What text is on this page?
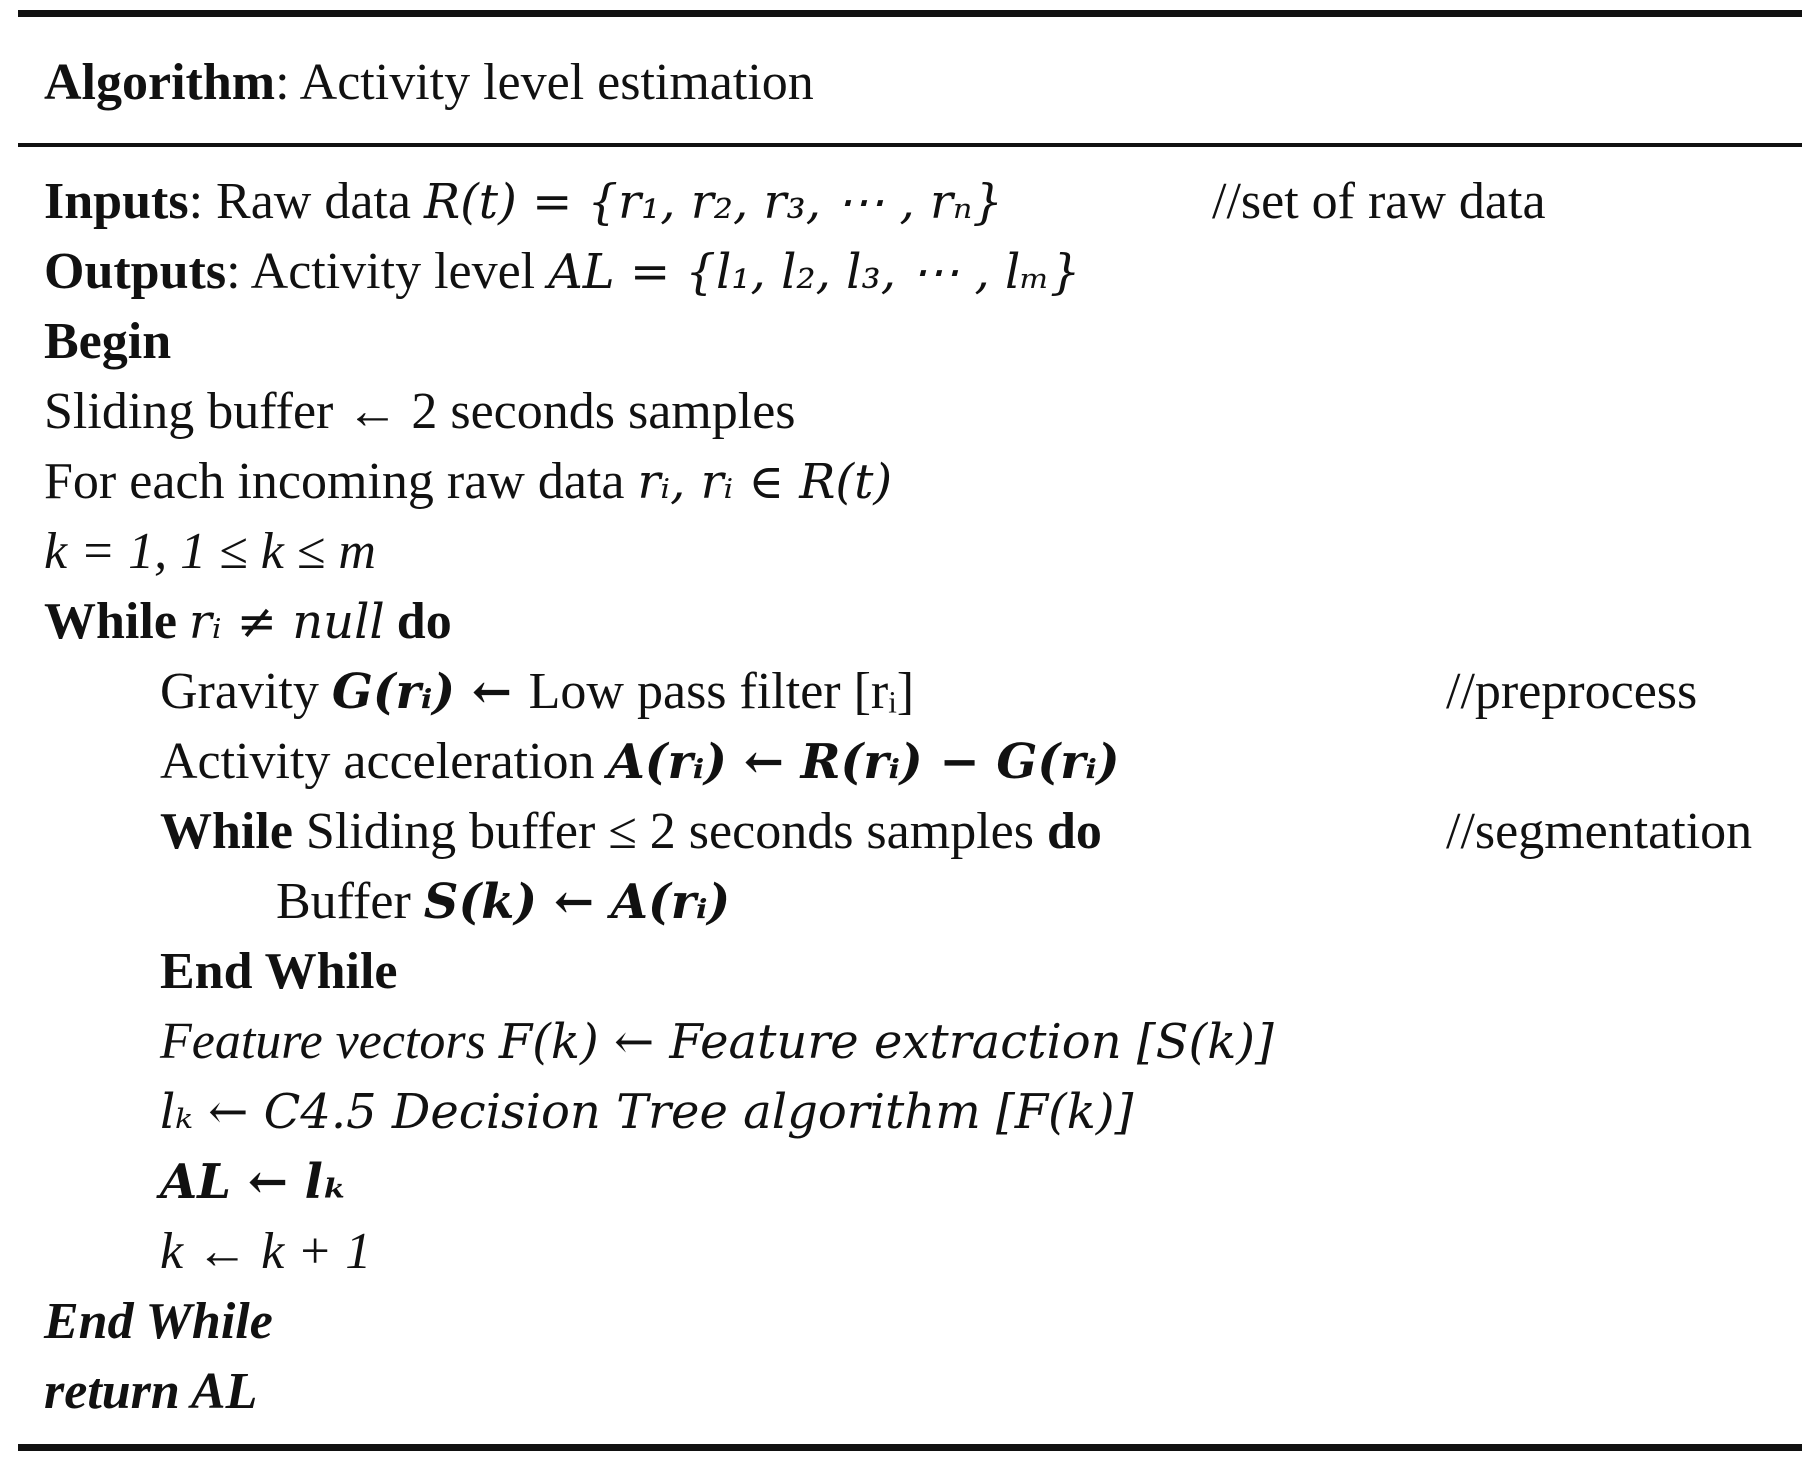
Algorithm: Activity level estimation
Inputs: Raw data R(t) = {r₁, r₂, r₃, ⋯ , rₙ}	//set of raw data
Outputs: Activity level AL = {l₁, l₂, l₃, ⋯ , lₘ}
Begin
Sliding buffer ← 2 seconds samples
For each incoming raw data rᵢ, rᵢ ∈ R(t)
k = 1, 1 ≤ k ≤ m
While rᵢ ≠ null do
Gravity G(rᵢ) ← Low pass filter [rᵢ]	//preprocess
Activity acceleration A(rᵢ) ← R(rᵢ) − G(rᵢ)
While Sliding buffer ≤ 2 seconds samples do	//segmentation
Buffer S(k) ← A(rᵢ)
End While
Feature vectors F(k) ← Feature extraction [S(k)]
lₖ ← C4.5 Decision Tree algorithm [F(k)]
AL ← lₖ
k ← k + 1
End While
return AL
